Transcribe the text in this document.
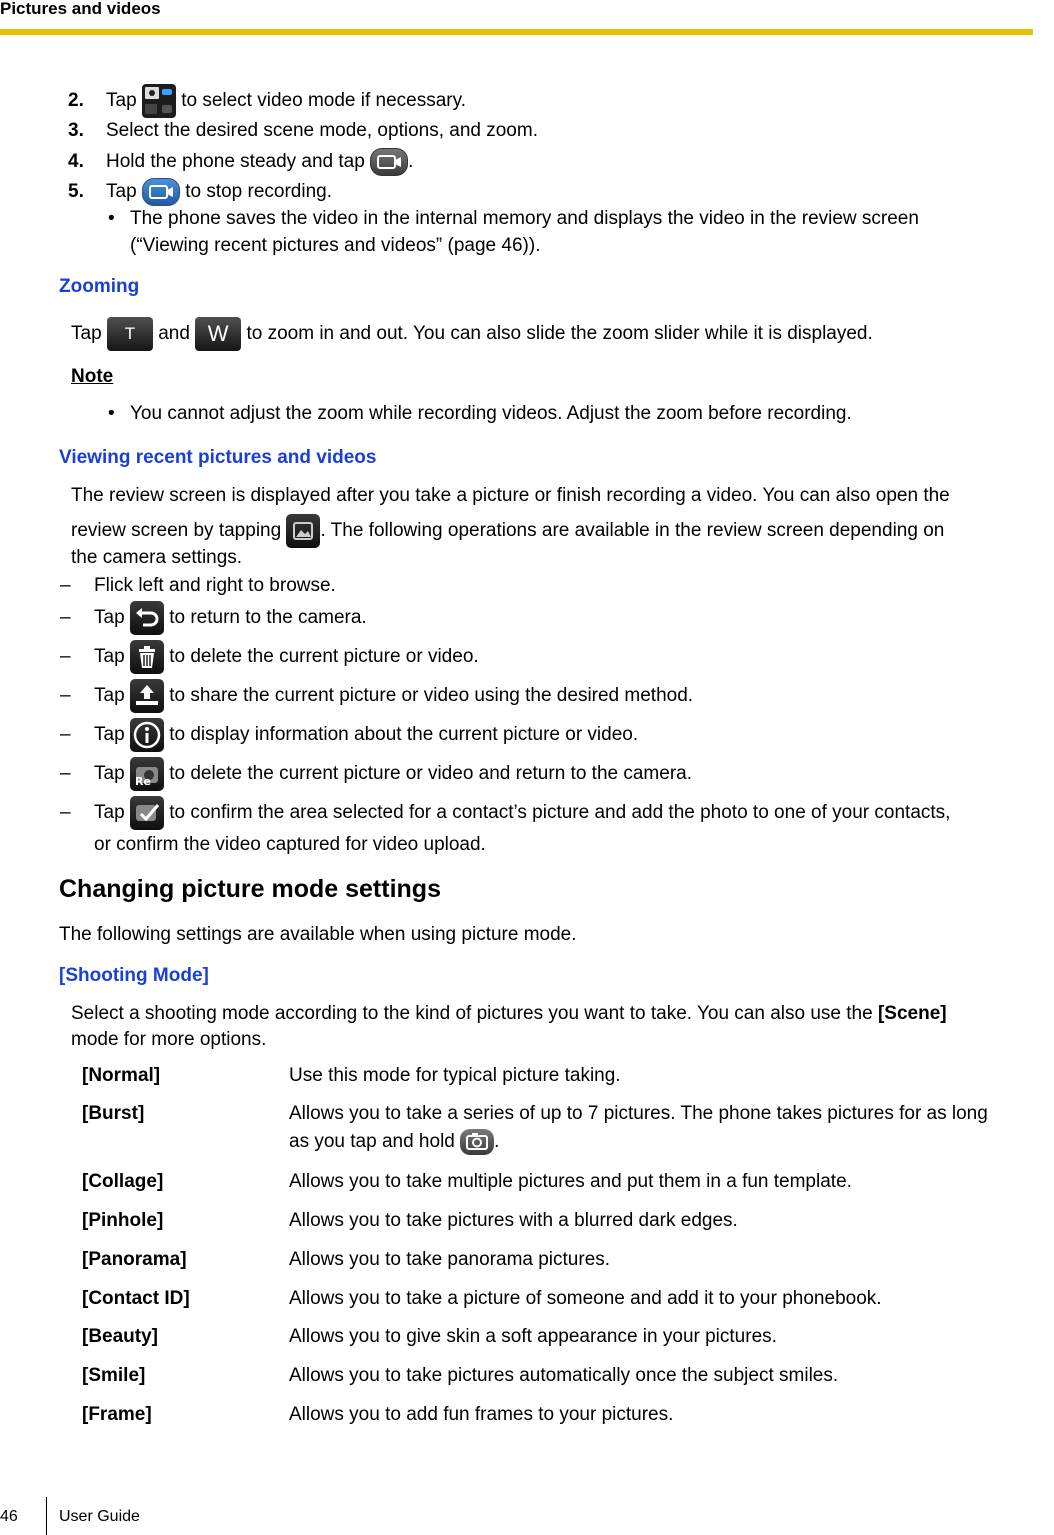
Pictures and videos
2. Tap to select video mode if necessary.
3. Select the desired scene mode, options, and zoom.
4. Hold the phone steady and tap .
5. Tap	to stop recording.
• The phone saves the video in the internal memory and displays the video in the review screen
(“Viewing recent pictures and videos” (page 46)).
Zooming
Tap T and W to zoom in and out. You can also slide the zoom slider while it is displayed.
Note
• You cannot adjust the zoom while recording videos. Adjust the zoom before recording.
Viewing recent pictures and videos
The review screen is displayed after you take a picture or finish recording a video. You can also open the
review screen by tapping . The following operations are available in the review screen depending on
the camera settings.
– Flick left and right to browse.
– Tap to return to the camera.
– Tap to delete the current picture or video.
– Tap to share the current picture or video using the desired method.
– Tap to display information about the current picture or video.
– Tap Re to delete the current picture or video and return to the camera.
– Tap to confirm the area selected for a contact’s picture and add the photo to one of your contacts,
or confirm the video captured for video upload.
Changing picture mode settings
The following settings are available when using picture mode.
[Shooting Mode]
Select a shooting mode according to the kind of pictures you want to take. You can also use the [Scene]
mode for more options.
[Normal]	Use this mode for typical picture taking.
[Burst]	Allows you to take a series of up to 7 pictures. The phone takes pictures for as long
as you tap and hold .
[Collage]	Allows you to take multiple pictures and put them in a fun template.
[Pinhole]	Allows you to take pictures with a blurred dark edges.
[Panorama]	Allows you to take panorama pictures.
[Contact ID]	Allows you to take a picture of someone and add it to your phonebook.
[Beauty]	Allows you to give skin a soft appearance in your pictures.
[Smile]	Allows you to take pictures automatically once the subject smiles.
[Frame]	Allows you to add fun frames to your pictures.
46	User Guide
